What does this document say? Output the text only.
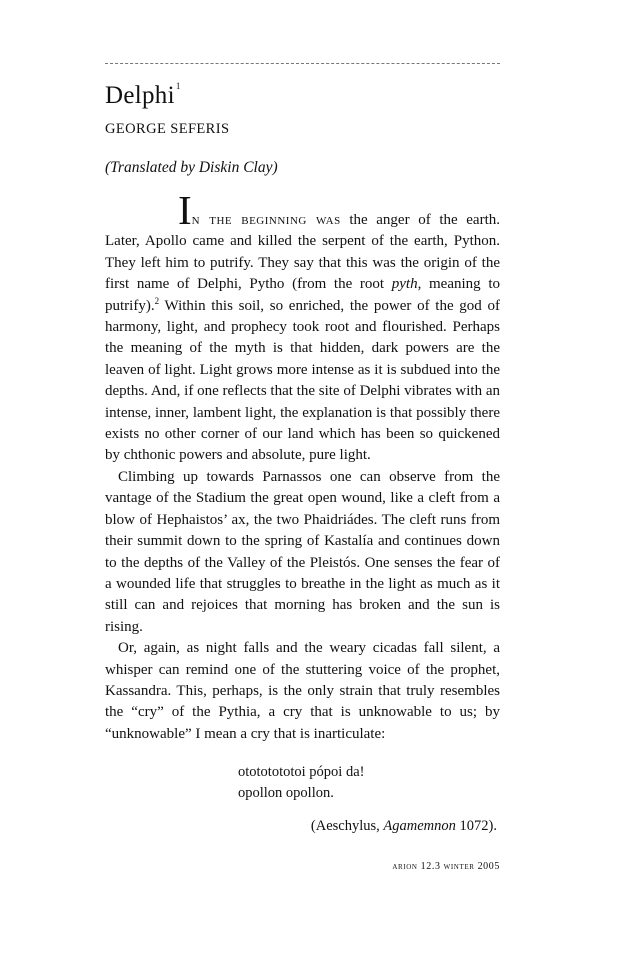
Delphi$^1$
GEORGE SEFERIS
(Translated by Diskin Clay)

In the beginning was the anger of the earth.
Later, Apollo came and killed the serpent of the earth, Python. They left him to putrify. They say that this was the origin of the first name of Delphi, Pytho (from the root pyth, meaning to putrify).$^2$ Within this soil, so enriched, the power of the god of harmony, light, and prophecy took root and flourished. Perhaps the meaning of the myth is that hidden, dark powers are the leaven of light. Light grows more intense as it is subdued into the depths. And, if one reflects that the site of Delphi vibrates with an intense, inner, lambent light, the explanation is that possibly there exists no other corner of our land which has been so quickened by chthonic powers and absolute, pure light.

Climbing up towards Parnassos one can observe from the vantage of the Stadium the great open wound, like a cleft from a blow of Hephaistos’ ax, the two Phaidriádes. The cleft runs from their summit down to the spring of Kastalía and continues down to the depths of the Valley of the Pleistós. One senses the fear of a wounded life that struggles to breathe in the light as much as it still can and rejoices that morning has broken and the sun is rising.

Or, again, as night falls and the weary cicadas fall silent, a whisper can remind one of the stuttering voice of the prophet, Kassandra. This, perhaps, is the only strain that truly resembles the “cry” of the Pythia, a cry that is unknowable to us; by “unknowable” I mean a cry that is inarticulate:

otototototoi pópoi da!
opollon opollon.
(Aeschylus, Agamemnon 1072).
arion 12.3 winter 2005
